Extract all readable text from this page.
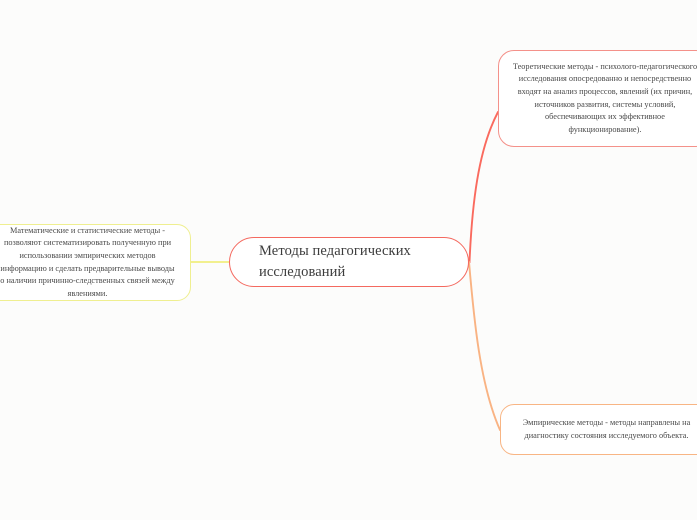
Методы педагогических исследований
Теоретические методы - психолого-педагогического исследования опосредованно и непосредственно входят на анализ процессов, явлений (их причин, источников развития, системы условий, обеспечивающих их эффективное функционирование).
Математические и статистические методы - позволяют систематизировать полученную при использовании эмпирических методов информацию и сделать предварительные выводы о наличии причинно-следственных связей между явлениями.
Эмпирические методы - методы направлены на диагностику состояния исследуемого объекта.
